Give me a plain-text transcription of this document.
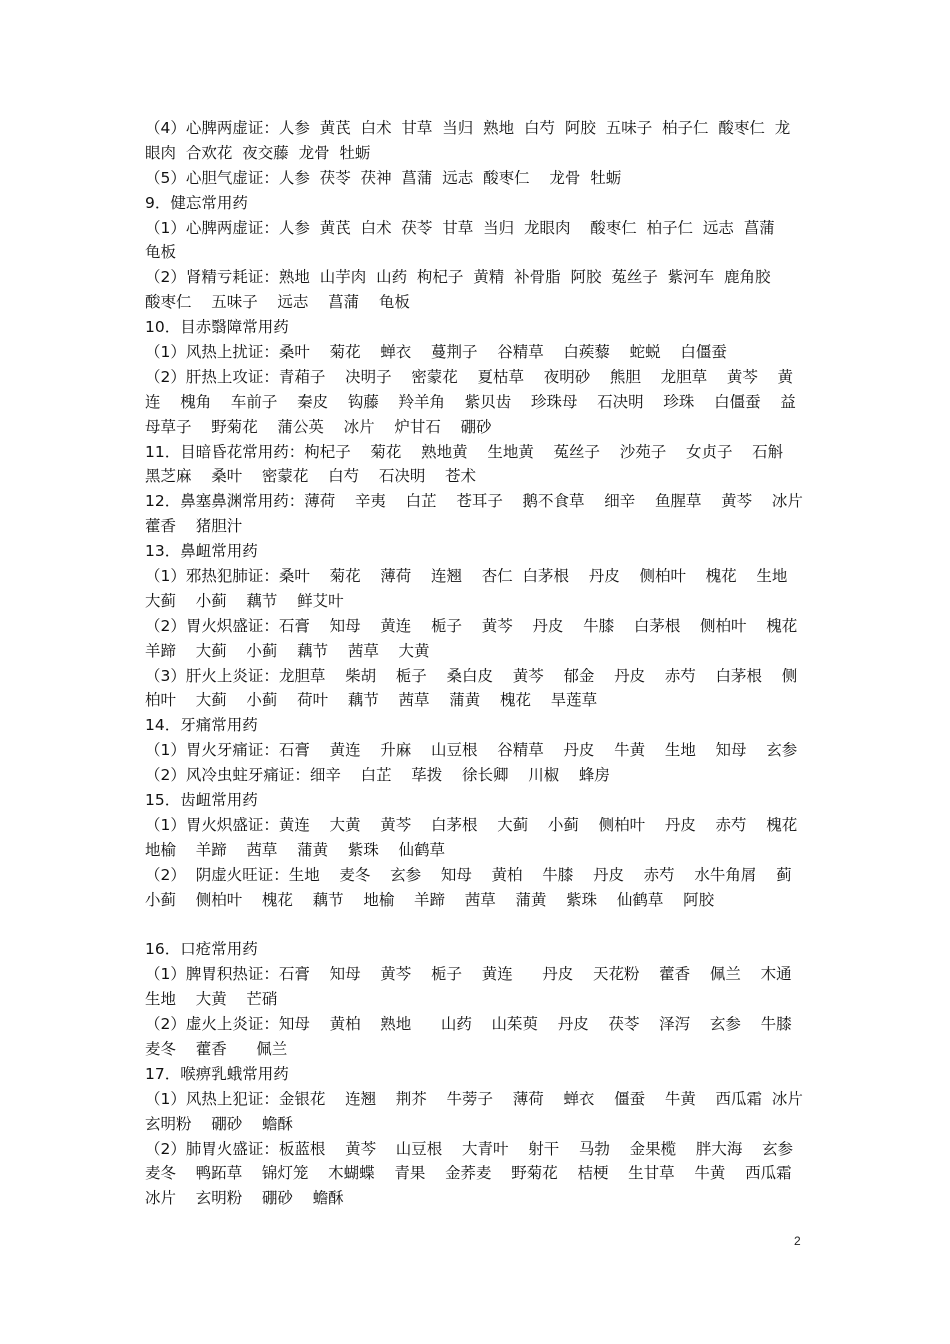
（4）心脾两虚证：人参  黄芪  白术  甘草  当归  熟地  白芍  阿胶  五味子  柏子仁  酸枣仁  龙
眼肉  合欢花  夜交藤  龙骨  牡蛎
（5）心胆气虚证：人参  茯苓  茯神  菖蒲  远志  酸枣仁    龙骨  牡蛎
9．健忘常用药
（1）心脾两虚证：人参  黄芪  白术  茯苓  甘草  当归  龙眼肉    酸枣仁  柏子仁  远志  菖蒲
龟板
（2）肾精亏耗证：熟地  山芋肉  山药  枸杞子  黄精  补骨脂  阿胶  菟丝子  紫河车  鹿角胶
酸枣仁    五味子    远志    菖蒲    龟板
10．目赤翳障常用药
（1）风热上扰证：桑叶    菊花    蝉衣    蔓荆子    谷精草    白蒺藜    蛇蜕    白僵蚕
（2）肝热上攻证：青葙子    决明子    密蒙花    夏枯草    夜明砂    熊胆    龙胆草    黄芩    黄
连    槐角    车前子    秦皮    钩藤    羚羊角    紫贝齿    珍珠母    石决明    珍珠    白僵蚕    益
母草子    野菊花    蒲公英    冰片    炉甘石    硼砂
11．目暗昏花常用药：枸杞子    菊花    熟地黄    生地黄    菟丝子    沙苑子    女贞子    石斛
黑芝麻    桑叶    密蒙花    白芍    石决明    苍术
12．鼻塞鼻渊常用药：薄荷    辛夷    白芷    苍耳子    鹅不食草    细辛    鱼腥草    黄芩    冰片
藿香    猪胆汁
13．鼻衄常用药
（1）邪热犯肺证：桑叶    菊花    薄荷    连翘    杏仁  白茅根    丹皮    侧柏叶    槐花    生地
大蓟    小蓟    藕节    鲜艾叶
（2）胃火炽盛证：石膏    知母    黄连    栀子    黄芩    丹皮    牛膝    白茅根    侧柏叶    槐花
羊蹄    大蓟    小蓟    藕节    茜草    大黄
（3）肝火上炎证：龙胆草    柴胡    栀子    桑白皮    黄芩    郁金    丹皮    赤芍    白茅根    侧
柏叶    大蓟    小蓟    荷叶    藕节    茜草    蒲黄    槐花    旱莲草
14．牙痛常用药
（1）胃火牙痛证：石膏    黄连    升麻    山豆根    谷精草    丹皮    牛黄    生地    知母    玄参
（2）风冷虫蛀牙痛证：细辛    白芷    荜拨    徐长卿    川椒    蜂房
15．齿衄常用药
（1）胃火炽盛证：黄连    大黄    黄芩    白茅根    大蓟    小蓟    侧柏叶    丹皮    赤芍    槐花
地榆    羊蹄    茜草    蒲黄    紫珠    仙鹤草
（2）  阴虚火旺证：生地    麦冬    玄参    知母    黄柏    牛膝    丹皮    赤芍    水牛角屑    蓟
小蓟    侧柏叶    槐花    藕节    地榆    羊蹄    茜草    蒲黄    紫珠    仙鹤草    阿胶
16．口疮常用药
（1）脾胃积热证：石膏    知母    黄芩    栀子    黄连      丹皮    天花粉    藿香    佩兰    木通
生地    大黄    芒硝
（2）虚火上炎证：知母    黄柏    熟地      山药    山茱萸    丹皮    茯苓    泽泻    玄参    牛膝
麦冬    藿香      佩兰
17．喉痹乳蛾常用药
（1）风热上犯证：金银花    连翘    荆芥    牛蒡子    薄荷    蝉衣    僵蚕    牛黄    西瓜霜  冰片
玄明粉    硼砂    蟾酥
（2）肺胃火盛证：板蓝根    黄芩    山豆根    大青叶    射干    马勃    金果榄    胖大海    玄参
麦冬    鸭跖草    锦灯笼    木蝴蝶    青果    金荞麦    野菊花    桔梗    生甘草    牛黄    西瓜霜
冰片    玄明粉    硼砂    蟾酥
2
